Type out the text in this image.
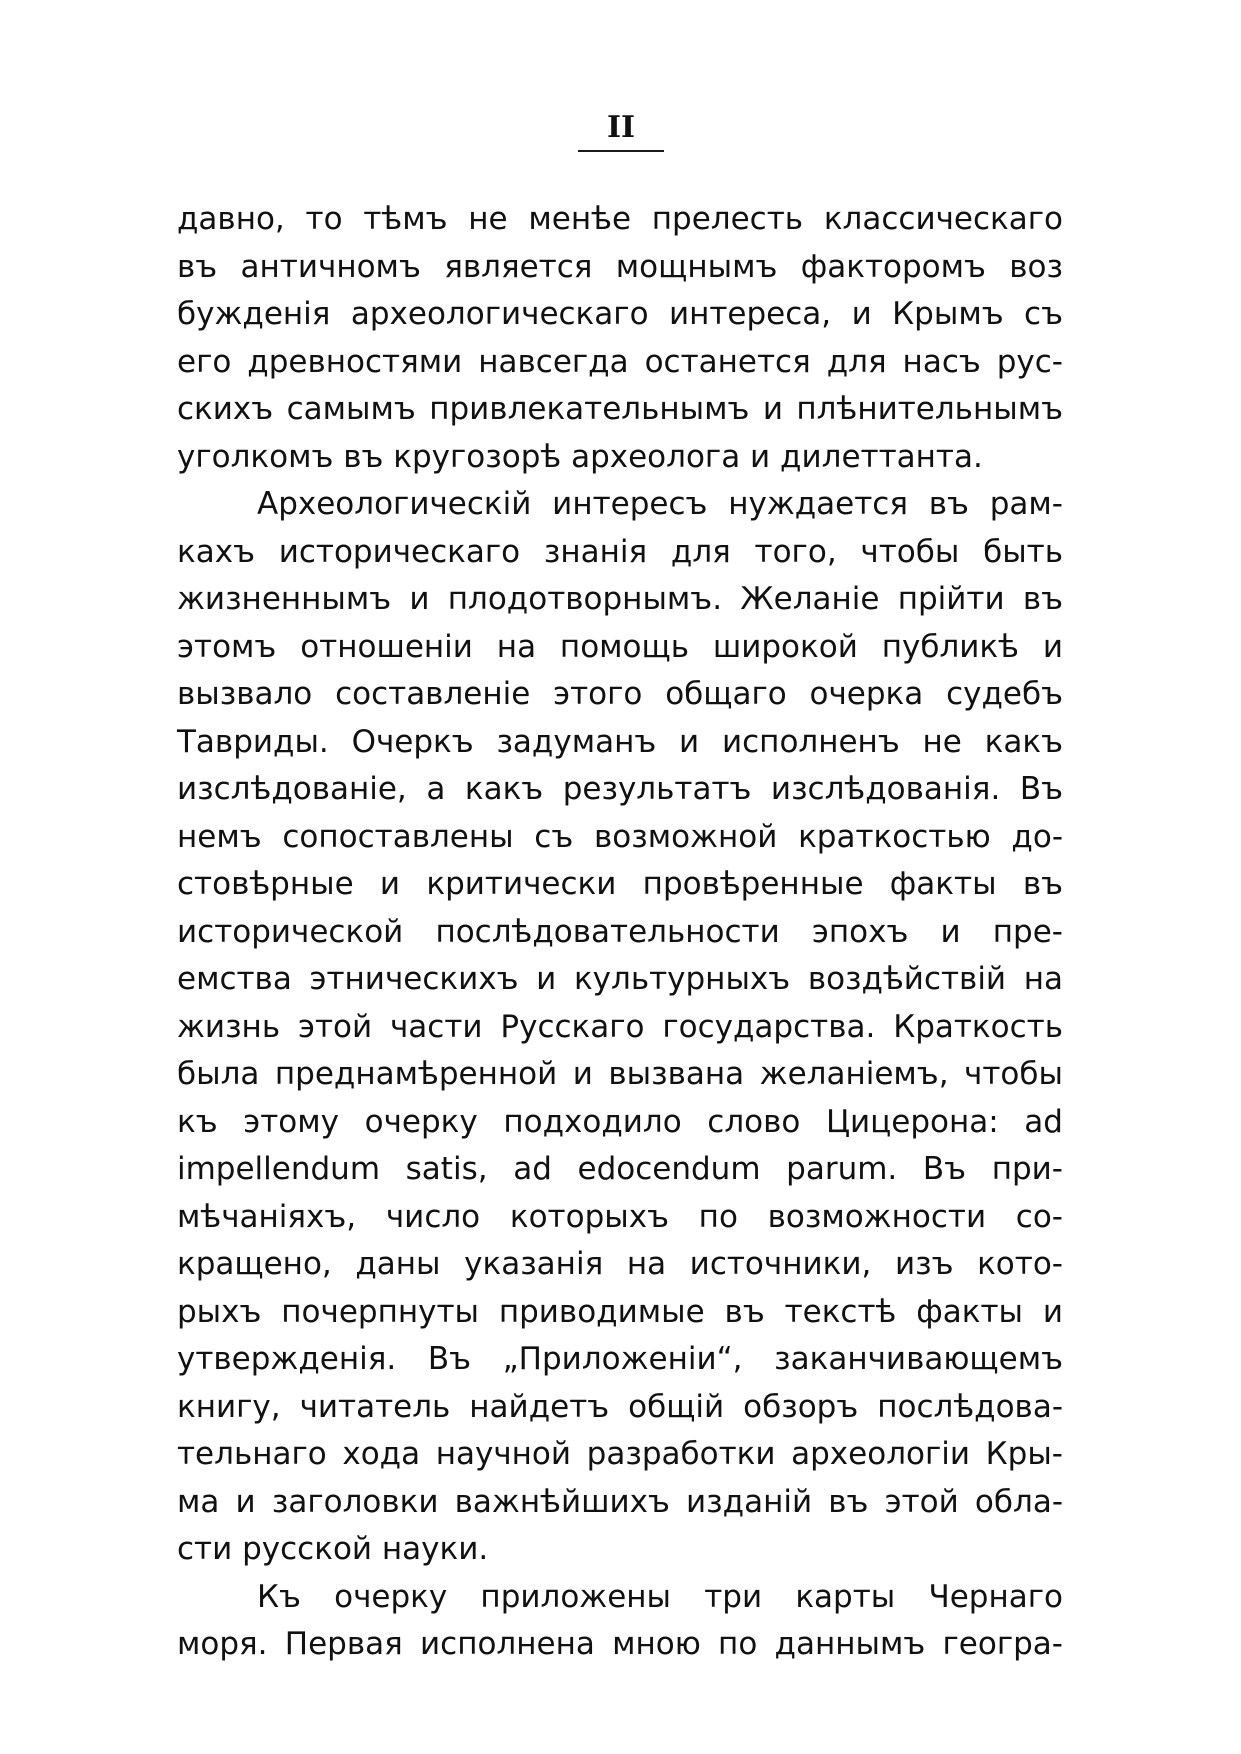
II
давно, то тѣмъ не менѣе прелесть классическаго
въ античномъ является мощнымъ факторомъ воз
бужденія археологическаго интереса, и Крымъ съ
его древностями навсегда останется для насъ рус-
скихъ самымъ привлекательнымъ и плѣнительнымъ
уголкомъ въ кругозорѣ археолога и дилеттанта.
Археологическій интересъ нуждается въ рам-
кахъ историческаго знанія для того, чтобы быть
жизненнымъ и плодотворнымъ. Желаніе прійти въ
этомъ отношеніи на помощь широкой публикѣ и
вызвало составленіе этого общаго очерка судебъ
Тавриды. Очеркъ задуманъ и исполненъ не какъ
изслѣдованіе, а какъ результатъ изслѣдованія. Въ
немъ сопоставлены съ возможной краткостью до-
стовѣрные и критически провѣренные факты въ
исторической послѣдовательности эпохъ и пре-
емства этническихъ и культурныхъ воздѣйствій на
жизнь этой части Русскаго государства. Краткость
была преднамѣренной и вызвана желаніемъ, чтобы
къ этому очерку подходило слово Цицерона: ad
impellendum satis, ad edocendum parum. Въ при-
мѣчаніяхъ, число которыхъ по возможности со-
кращено, даны указанія на источники, изъ кото-
рыхъ почерпнуты приводимые въ текстѣ факты и
утвержденія. Въ „Приложеніи“, заканчивающемъ
книгу, читатель найдетъ общій обзоръ послѣдова-
тельнаго хода научной разработки археологіи Кры-
ма и заголовки важнѣйшихъ изданій въ этой обла-
сти русской науки.
Къ очерку приложены три карты Чернаго
моря. Первая исполнена мною по даннымъ геогра-
